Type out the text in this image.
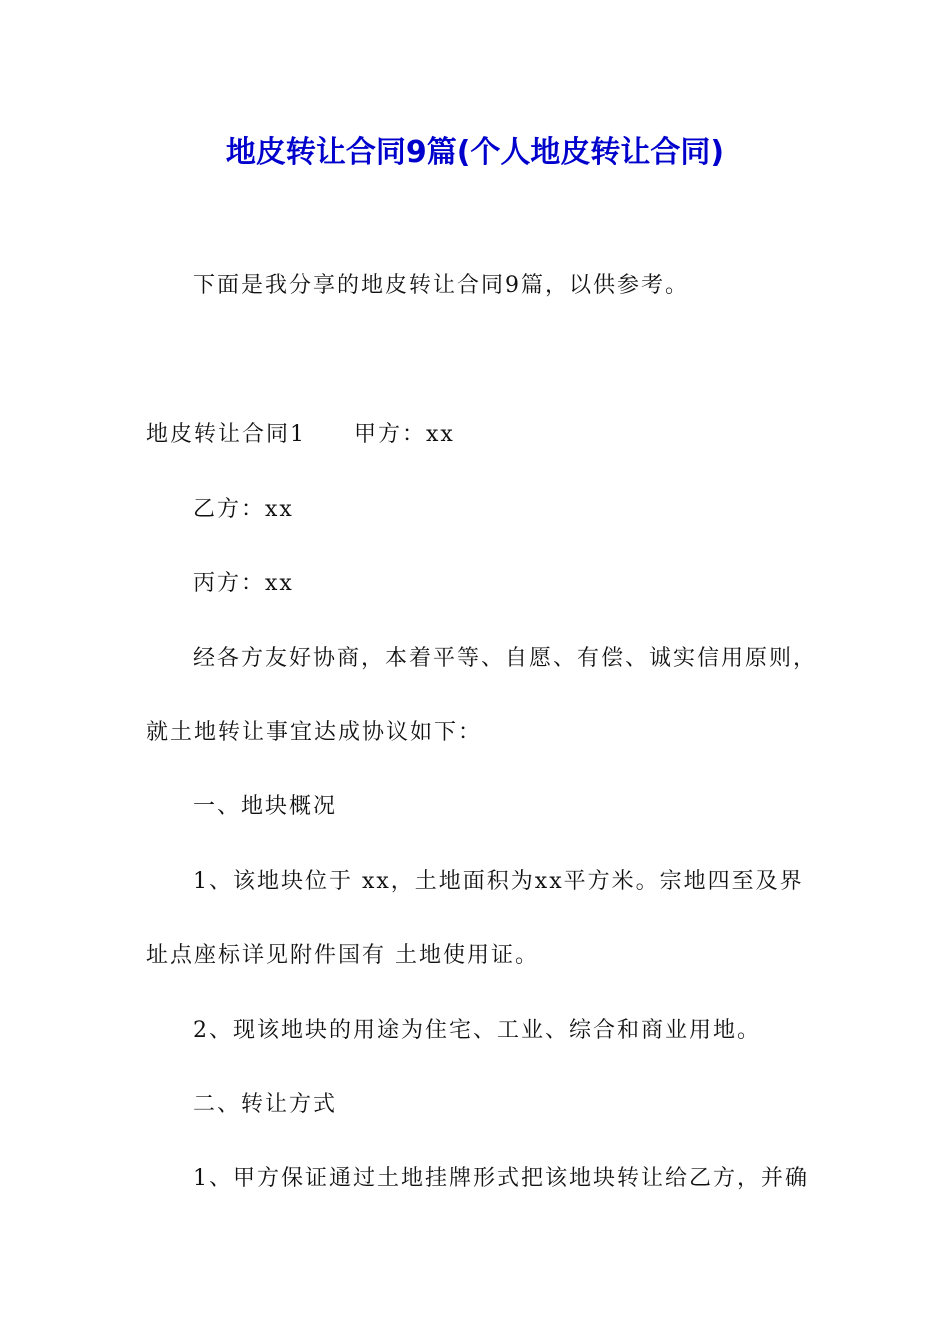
地皮转让合同9篇(个人地皮转让合同)
下面是我分享的地皮转让合同9篇，以供参考。
地皮转让合同1 甲方：xx
乙方：xx
丙方：xx
经各方友好协商，本着平等、自愿、有偿、诚实信用原则，
就土地转让事宜达成协议如下：
一、地块概况
1、该地块位于 xx，土地面积为xx平方米。宗地四至及界
址点座标详见附件国有 土地使用证。
2、现该地块的用途为住宅、工业、综合和商业用地。
二、转让方式
1、甲方保证通过土地挂牌形式把该地块转让给乙方，并确
